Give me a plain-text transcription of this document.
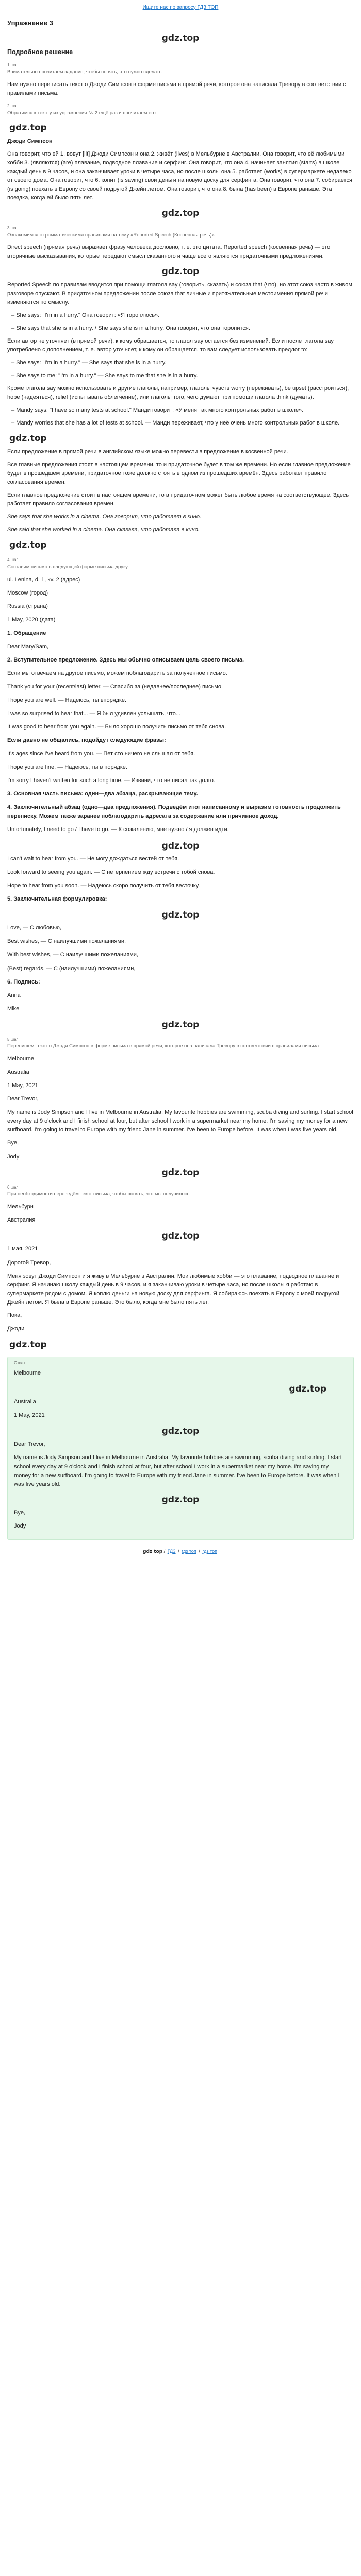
Ищите нас по запросу ГДЗ ТОП
Упражнение 3
gdz.top
Подробное решение
1 шаг
Внимательно прочитаем задание, чтобы понять, что нужно сделать.

Нам нужно переписать текст о Джоди Симпсон в форме письма в прямой речи, которое она написала Тревору в соответствии с правилами письма.

2 шаг
Обратимся к тексту из упражнения № 2 ещё раз и прочитаем его.
gdz.top

Джоди Симпсон

Она говорит, что ей 1, вовут [lit] Джоди Симпсон и она 2. живёт (lives) в Мельбурне в Австралии. Она говорит, что её любимыми хобби 3. (являются) (are) плавание, подводное плавание и серфинг. Она говорит, что она 4. начинает занятия (starts) в школе каждый день в 9 часов, и она заканчивает уроки в четыре часа, но после школы она 5. работает (works) в супермаркете недалеко от своего дома. Она говорит, что 6. копит (is saving) свои деньги на новую доску для серфинга. Она говорит, что она 7. собирается (is going) поехать в Европу со своей подругой Джейн летом. Она говорит, что она 8. была (has been) в Европе раньше. Эта поездка, когда ей было пять лет.

gdz.top
3 шаг
Ознакомимся с грамматическими правилами на тему «Reported Speech (Косвенная речь)».

Direct speech (прямая речь) выражает фразу человека дословно, т. е. это цитата. Reported speech (косвенная речь) — это вторичные высказывания, которые передают смысл сказанного и чаще всего являются придаточными предложениями.

gdz.top

Reported Speech по правилам вводится при помощи глагола say (говорить, сказать) и союза that (что), но этот союз часто в живом разговоре опускают. В придаточном предложении после союза that личные и притяжательные местоимения прямой речи изменяются по смыслу.

– She says: "I'm in a hurry." Она говорит: «Я тороплюсь».
– She says that she is in a hurry. / She says she is in a hurry. Она говорит, что она торопится.

Если автор не уточняет (в прямой речи), к кому обращается, то глагол say остается без изменений. Если после глагола say употреблено с дополнением, т. е. автор уточняет, к кому он обращается, то вам следует использовать предлог to:

– She says: "I'm in a hurry." — She says that she is in a hurry.
– She says to me: "I'm in a hurry." — She says to me that she is in a hurry.

Кроме глагола say можно использовать и другие глаголы, например, глаголы чувств worry (переживать), be upset (расстроиться), hope (надеяться), relief (испытывать облегчение), или глаголы того, чего думают при помощи глагола think (думать).

– Mandy says: "I have so many tests at school." Манди говорит: «У меня так много контрольных работ в школе».
– Mandy worries that she has a lot of tests at school. — Манди переживает, что у неё очень много контрольных работ в школе.
gdz.top

Если предложение в прямой речи в английском языке можно перевести в предложение в косвенной речи.

Все главные предложения стоят в настоящем времени, то и придаточное будет в том же времени. Но если главное предложение будет в прошедшем времени, придаточное тоже должно стоять в одном из прошедших времён. Здесь работает правило согласования времен.

Если главное предложение стоит в настоящем времени, то в придаточном может быть любое время на соответствующее. Здесь работает правило согласования времен.

She says that she works in a cinema. Она говорит, что работает в кино.

She said that she worked in a cinema. Она сказала, что работала в кино.

gdz.top
4 шаг
Составим письмо в следующей форме письма друзу:
ul. Lenina, d. 1, kv. 2 (адрес)
Moscow (город)
Russia (страна)
1 May, 2020 (дата)
1. Обращение
Dear Mary/Sam,
2. Вступительное предложение. Здесь мы обычно описываем цель своего письма.
Если мы отвечаем на другое письмо, можем поблагодарить за полученное письмо.
Thank you for your (recent/last) letter. — Спасибо за (недавнее/последнее) письмо.
I hope you are well. — Надеюсь, ты впорядке.
I was so surprised to hear that... — Я был удивлен услышать, что...
It was good to hear from you again. — Было хорошо получить письмо от тебя снова.
Если давно не общались, подойдут следующие фразы:
It's ages since I've heard from you. — Пет сто ничего не слышал от тебя.
I hope you are fine. — Надеюсь, ты в порядке.
I'm sorry I haven't written for such a long time. — Извини, что не писал так долго.
3. Основная часть письма: один—два абзаца, раскрывающие тему.
4. Заключительный абзац (одно—два предложения). Подведём итог написанному и выразим готовность продолжить переписку. Можем также заранее поблагодарить адресата за содержание или причинное доход.
Unfortunately, I need to go / I have to go. — К сожалению, мне нужно / я должен идти.
gdz.top
I can't wait to hear from you. — Не могу дождаться вестей от тебя.
Look forward to seeing you again. — С нетерпением жду встречи с тобой снова.
Hope to hear from you soon. — Надеюсь скоро получить от тебя весточку.
5. Заключительная формулировка:
gdz.top
Love, — С любовью,
Best wishes, — С наилучшими пожеланиями,
With best wishes, — С наилучшими пожеланиями,
(Best) regards. — С (наилучшими) пожеланиями,
6. Подпись:
Anna
Mike
gdz.top
5 шаг
Перепишем текст о Джоди Симпсон в форме письма в прямой речи, которое она написала Тревору в соответствии с правилами письма.
Melbourne
Australia
1 May, 2021
Dear Trevor,

My name is Jody Simpson and I live in Melbourne in Australia. My favourite hobbies are swimming, scuba diving and surfing. I start school every day at 9 o'clock and I finish school at four, but after school I work in a supermarket near my home. I'm saving my money for a new surfboard. I'm going to travel to Europe with my friend Jane in summer. I've been to Europe before. It was when I was five years old.

Bye,
Jody
gdz.top
6 шаг
При необходимости переведём текст письма, чтобы понять, что мы получилось.
Мельбурн
Австралия
gdz.top
1 мая, 2021
Дорогой Тревор,

Меня зовут Джоди Симпсон и я живу в Мельбурне в Австралии. Мои любимые хобби — это плавание, подводное плавание и серфинг. Я начинаю школу каждый день в 9 часов, и я заканчиваю уроки в четыре часа, но после школы я работаю в супермаркете рядом с домом. Я коплю деньги на новую доску для серфинга. Я собираюсь поехать в Европу с моей подругой Джейн летом. Я была в Европе раньше. Это было, когда мне было пять лет.

Пока,
Джоди
gdz.top
Ответ
Melbourne
gdz.top
Australia
1 May, 2021
gdz.top
Dear Trevor,

My name is Jody Simpson and I live in Melbourne in Australia. My favourite hobbies are swimming, scuba diving and surfing. I start school every day at 9 o'clock and I finish school at four, but after school I work in a supermarket near my home. I'm saving my money for a new surfboard. I'm going to travel to Europe with my friend Jane in summer. I've been to Europe before. It was when I was five years old.

gdz.top
Bye,
Jody
gdz top / ГДЗ / гдз топ / гдз топ
